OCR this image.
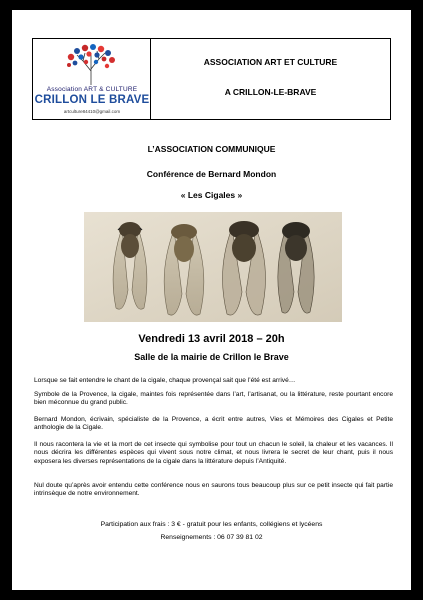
Association ART & CULTURE
CRILLON LE BRAVE
artculture84410@gmail.com
ASSOCIATION ART ET CULTURE
A CRILLON-LE-BRAVE
L’ASSOCIATION COMMUNIQUE
Conférence de Bernard Mondon
« Les Cigales »
Vendredi 13 avril 2018 – 20h
Salle de la mairie de Crillon le Brave
Lorsque se fait entendre le chant de la cigale, chaque provençal sait que l’été est arrivé…
Symbole de la Provence, la cigale, maintes fois représentée dans l’art, l’artisanat, ou la littérature, reste pourtant encore bien méconnue du grand public.
Bernard Mondon, écrivain, spécialiste de la Provence, a écrit entre autres, Vies et Mémoires des Cigales et Petite anthologie de la Cigale.
Il nous racontera la vie et la mort de cet insecte qui symbolise pour tout un chacun le soleil, la chaleur et les vacances. Il nous décrira les différentes espèces qui vivent sous notre climat, et nous livrera le secret de leur chant, puis il nous exposera les diverses représentations de la cigale dans la littérature depuis l’Antiquité.
Nul doute qu’après avoir entendu cette conférence nous en saurons tous beaucoup plus sur ce petit insecte qui fait partie intrinsèque de notre environnement.
Participation aux frais : 3 € - gratuit pour les enfants, collégiens et lycéens
Renseignements : 06 07 39 81 02
